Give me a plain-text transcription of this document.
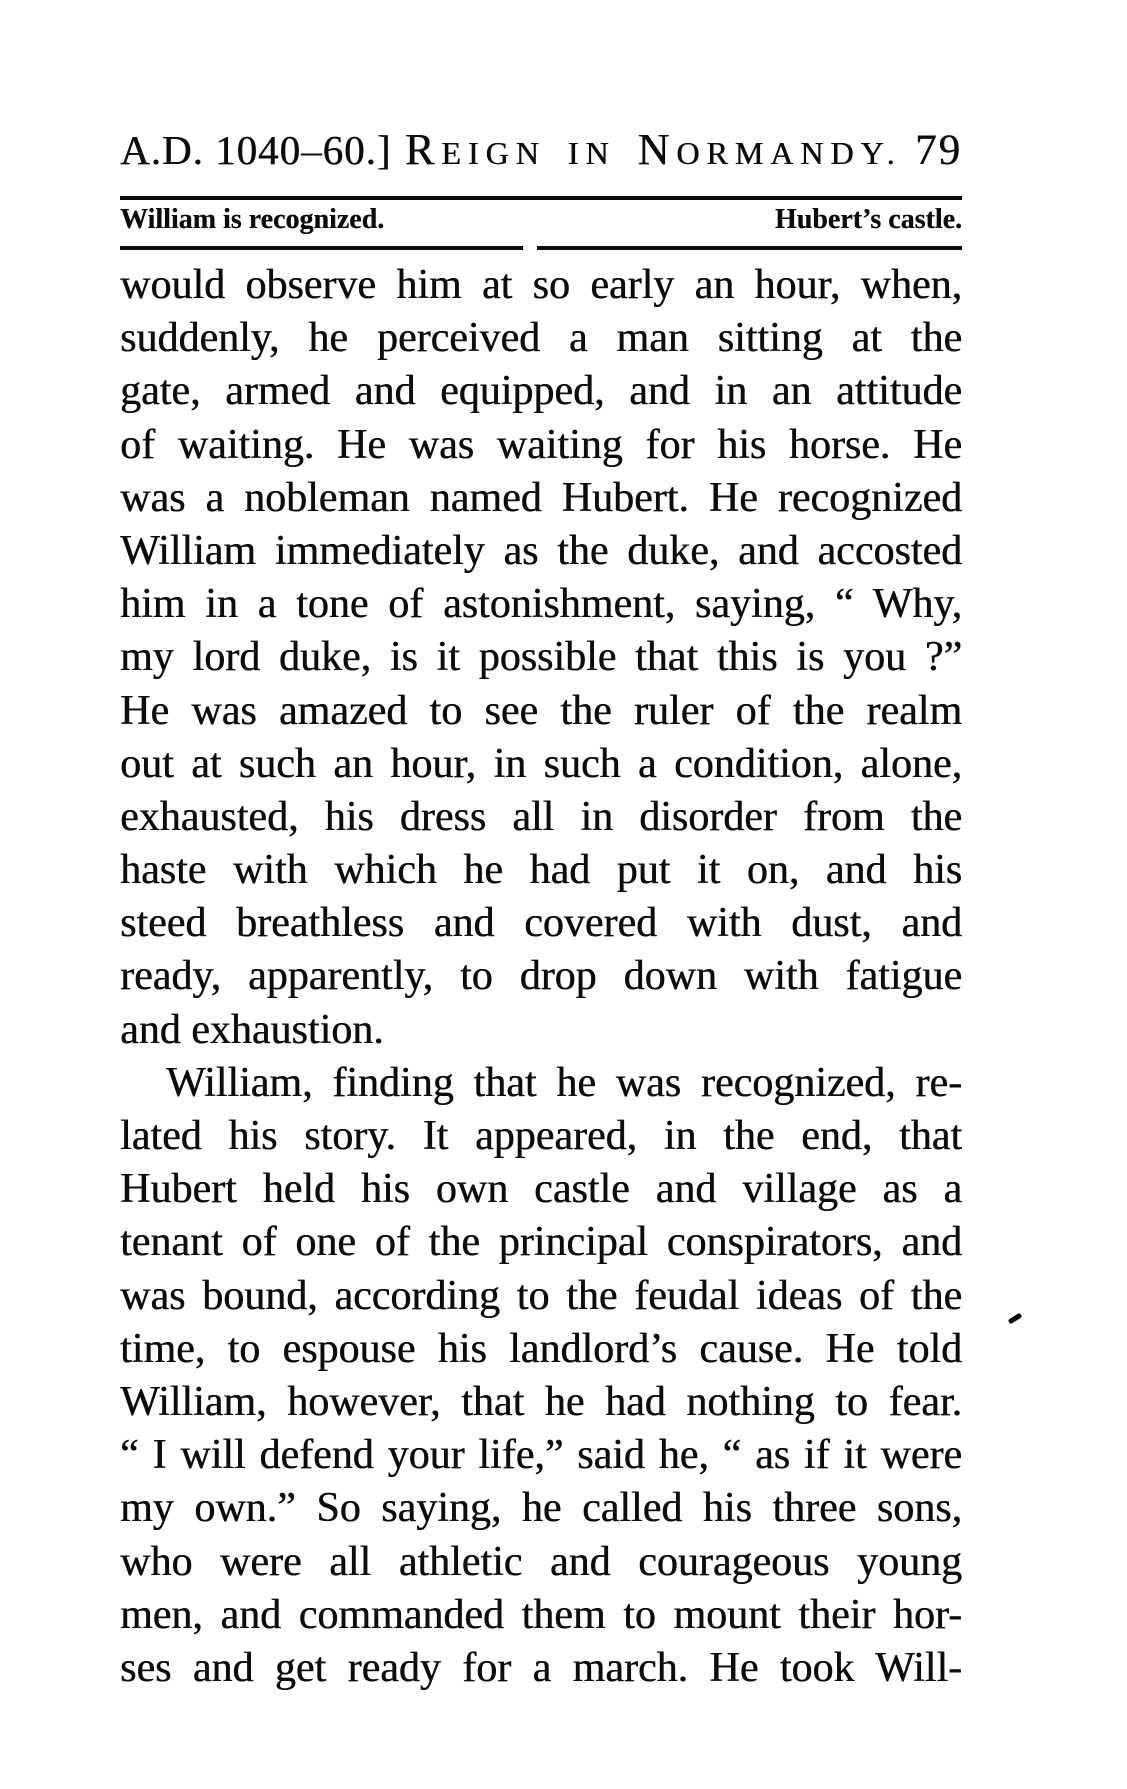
A.D. 1040–60.] REIGN IN NORMANDY. 79
William is recognized.	Hubert’s castle.
would observe him at so early an hour, when,
suddenly, he perceived a man sitting at the
gate, armed and equipped, and in an attitude
of waiting. He was waiting for his horse. He
was a nobleman named Hubert. He recognized
William immediately as the duke, and accosted
him in a tone of astonishment, saying, “ Why,
my lord duke, is it possible that this is you ?”
He was amazed to see the ruler of the realm
out at such an hour, in such a condition, alone,
exhausted, his dress all in disorder from the
haste with which he had put it on, and his
steed breathless and covered with dust, and
ready, apparently, to drop down with fatigue
and exhaustion.
William, finding that he was recognized, re-
lated his story. It appeared, in the end, that
Hubert held his own castle and village as a
tenant of one of the principal conspirators, and
was bound, according to the feudal ideas of the
time, to espouse his landlord’s cause. He told
William, however, that he had nothing to fear.
“ I will defend your life,” said he, “ as if it were
my own.” So saying, he called his three sons,
who were all athletic and courageous young
men, and commanded them to mount their hor-
ses and get ready for a march. He took Will-
